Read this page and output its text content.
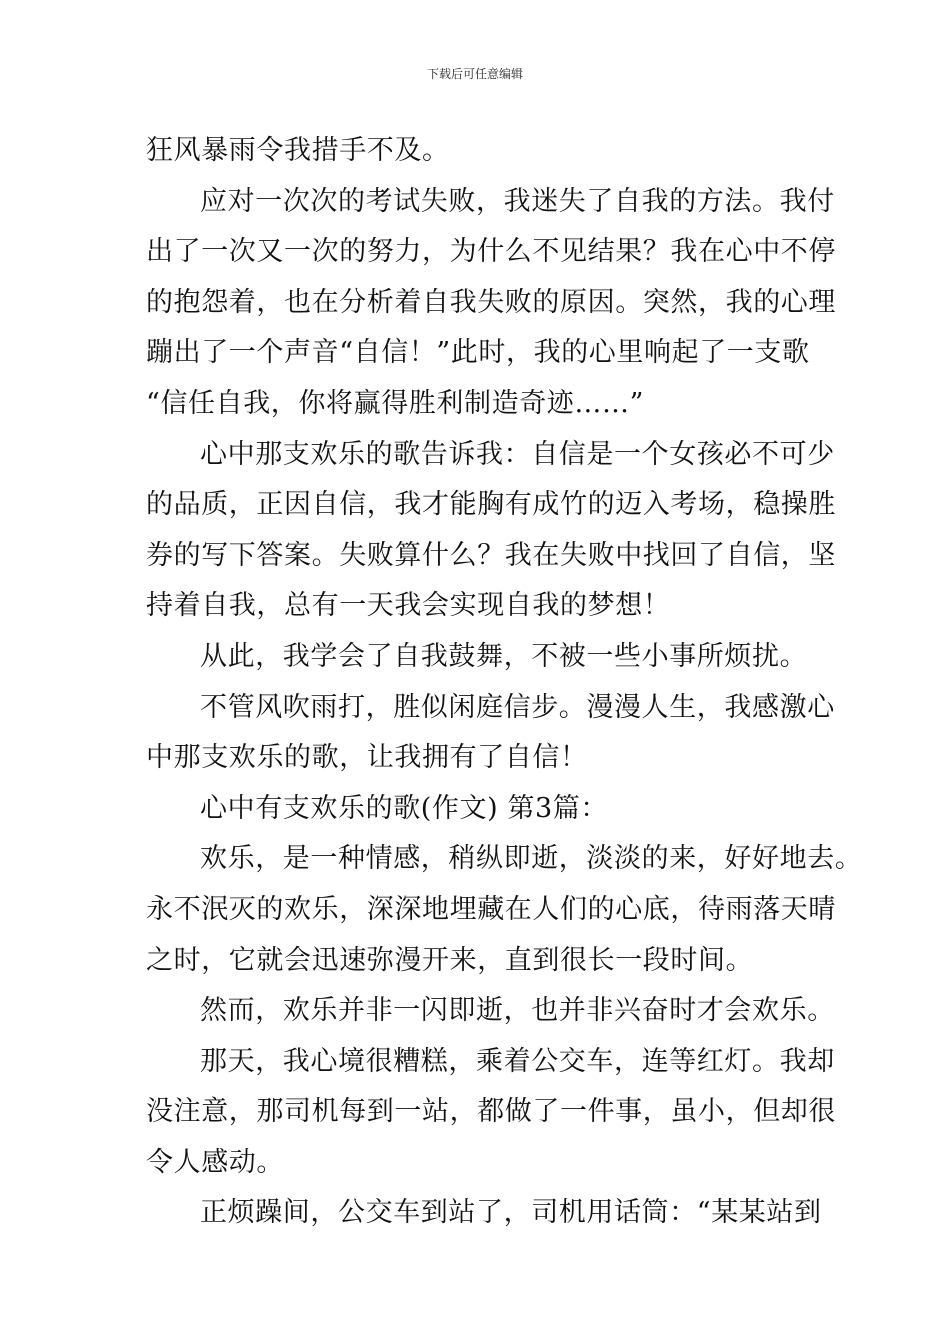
下载后可任意编辑
狂风暴雨令我措手不及。
应对一次次的考试失败，我迷失了自我的方法。我付
出了一次又一次的努力，为什么不见结果？我在心中不停
的抱怨着，也在分析着自我失败的原因。突然，我的心理
蹦出了一个声音“自信！”此时，我的心里响起了一支歌
“信任自我，你将赢得胜利制造奇迹……”
心中那支欢乐的歌告诉我：自信是一个女孩必不可少
的品质，正因自信，我才能胸有成竹的迈入考场，稳操胜
券的写下答案。失败算什么？我在失败中找回了自信，坚
持着自我，总有一天我会实现自我的梦想！
从此，我学会了自我鼓舞，不被一些小事所烦扰。
不管风吹雨打，胜似闲庭信步。漫漫人生，我感激心
中那支欢乐的歌，让我拥有了自信！
心中有支欢乐的歌(作文) 第3篇：
欢乐，是一种情感，稍纵即逝，淡淡的来，好好地去。
永不泯灭的欢乐，深深地埋藏在人们的心底，待雨落天晴
之时，它就会迅速弥漫开来，直到很长一段时间。
然而，欢乐并非一闪即逝，也并非兴奋时才会欢乐。
那天，我心境很糟糕，乘着公交车，连等红灯。我却
没注意，那司机每到一站，都做了一件事，虽小，但却很
令人感动。
正烦躁间，公交车到站了，司机用话筒：“某某站到
